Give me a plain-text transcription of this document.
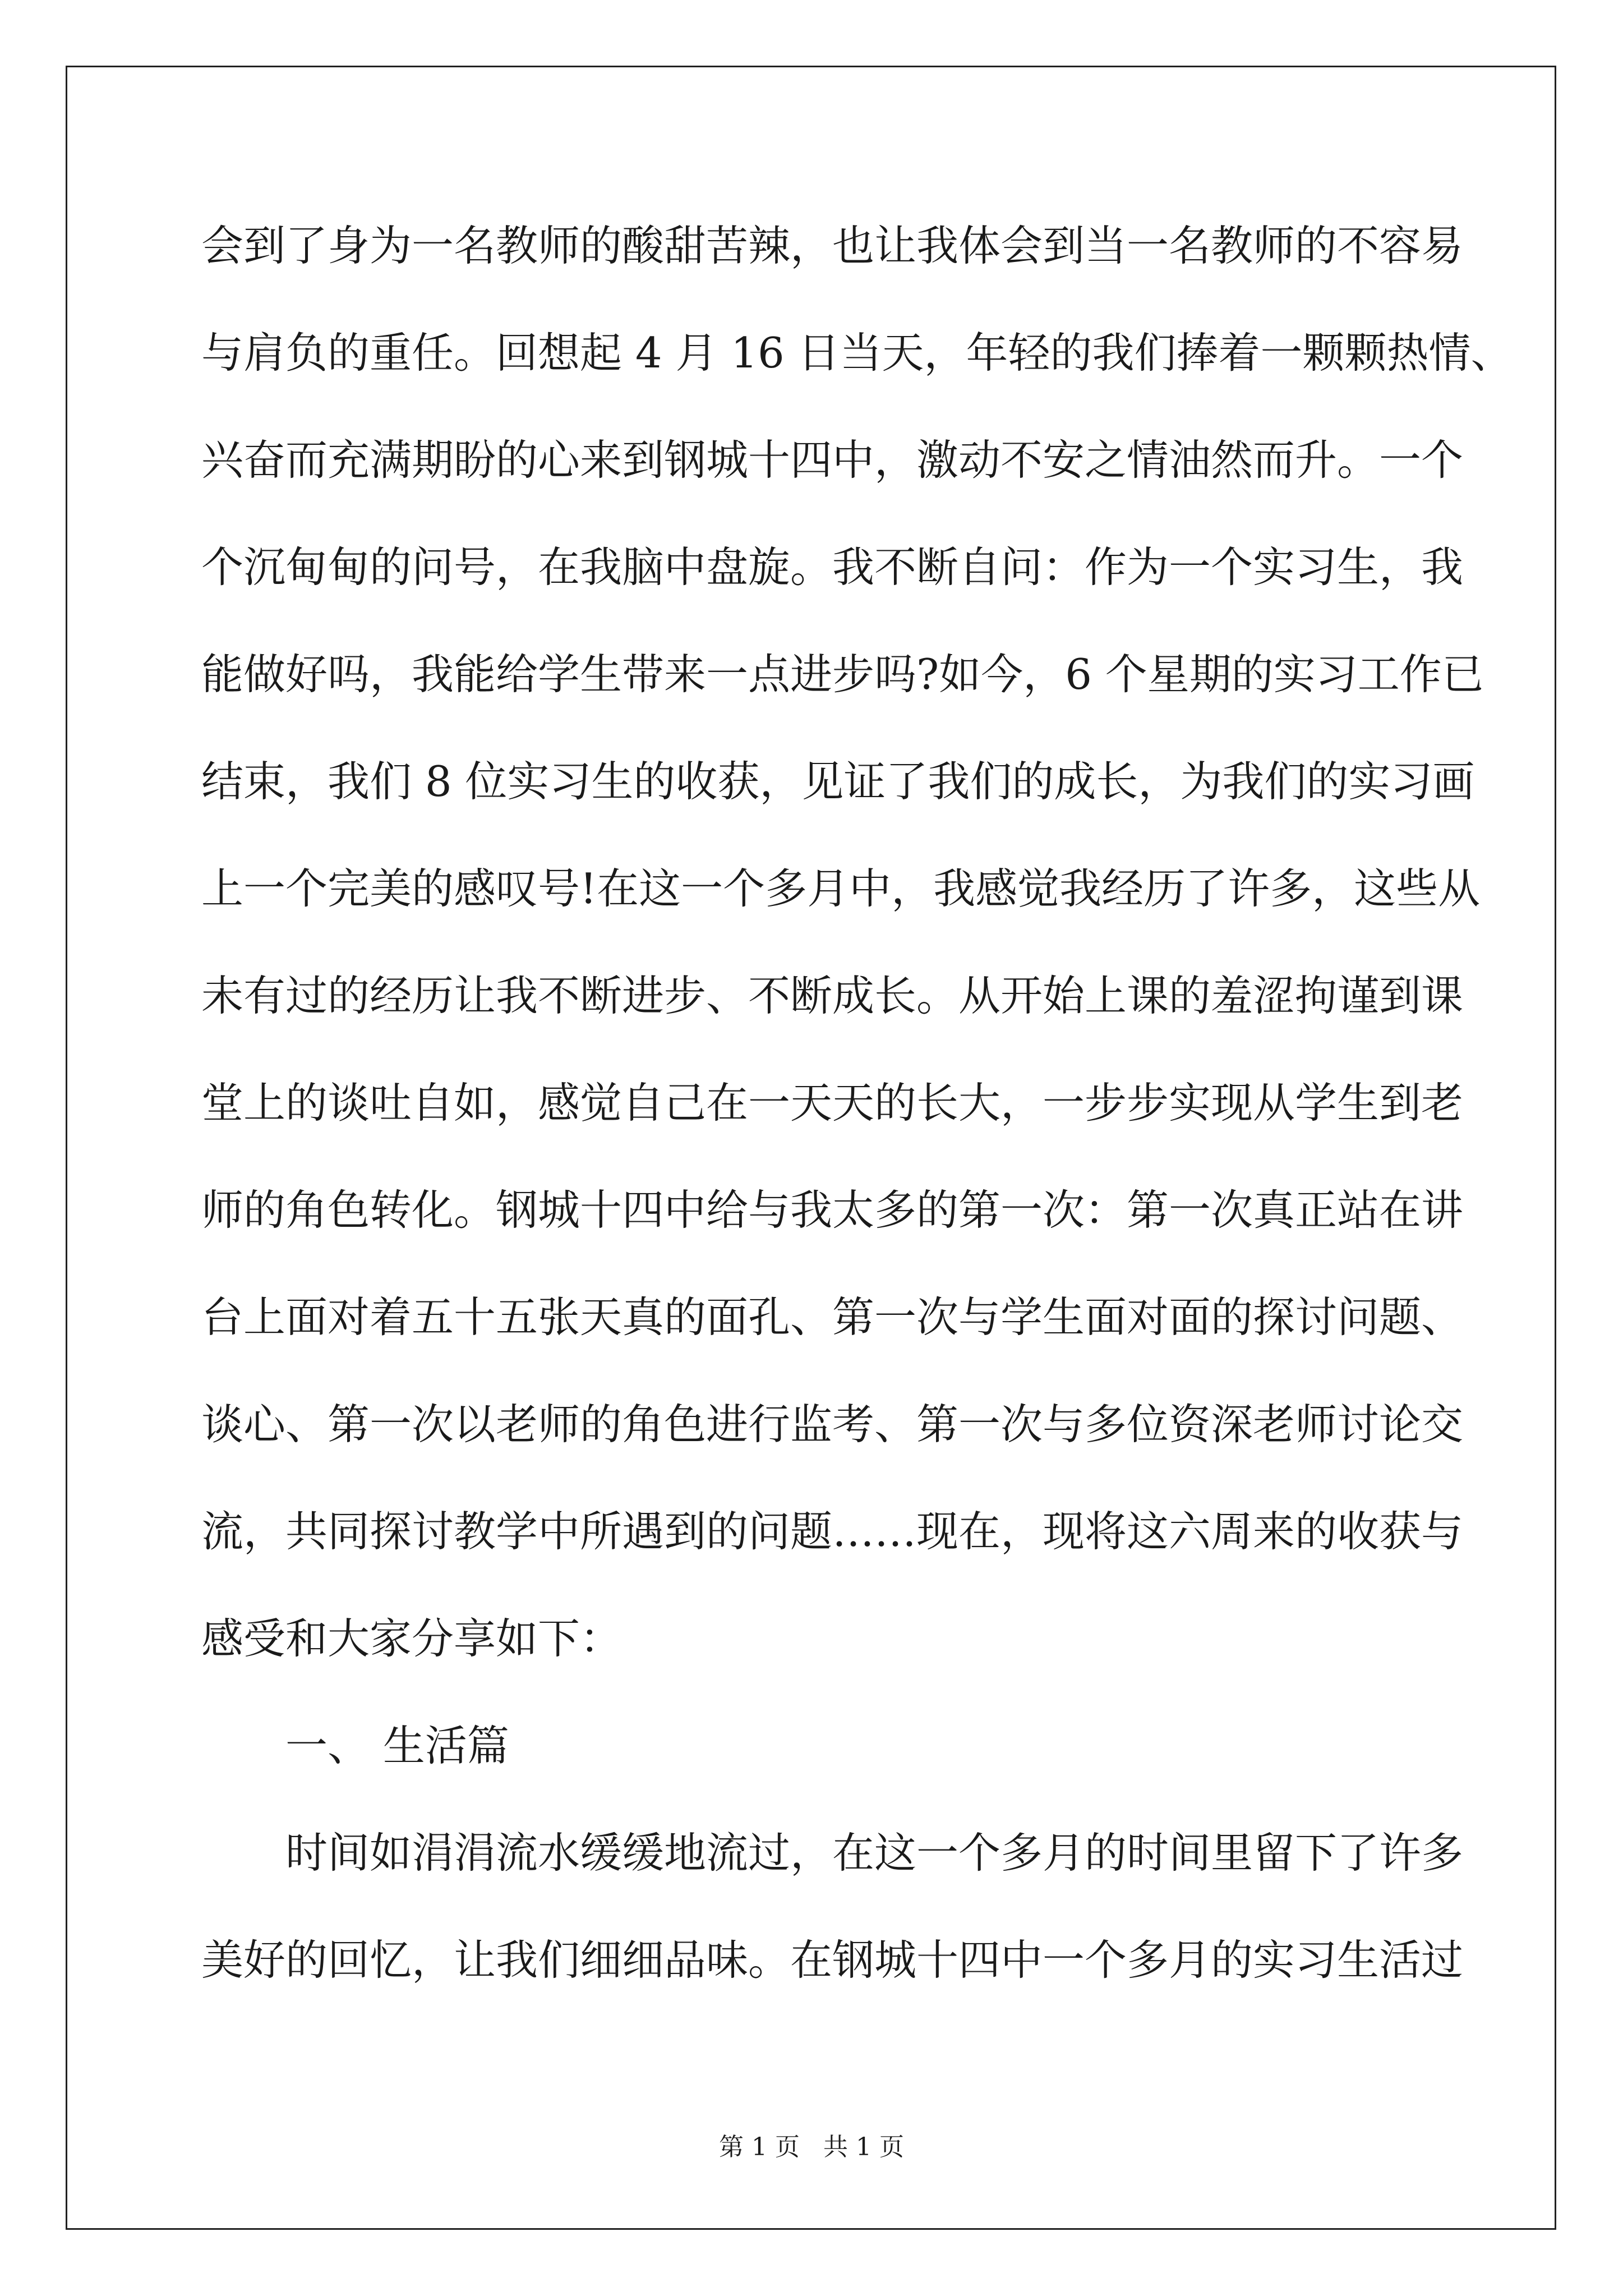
会到了身为一名教师的酸甜苦辣，也让我体会到当一名教师的不容易
与肩负的重任。回想起 4 月 16 日当天，年轻的我们捧着一颗颗热情、
兴奋而充满期盼的心来到钢城十四中，激动不安之情油然而升。一个
个沉甸甸的问号，在我脑中盘旋。我不断自问：作为一个实习生，我
能做好吗，我能给学生带来一点进步吗?如今，6 个星期的实习工作已
结束，我们 8 位实习生的收获，见证了我们的成长，为我们的实习画
上一个完美的感叹号!在这一个多月中，我感觉我经历了许多，这些从
未有过的经历让我不断进步、不断成长。从开始上课的羞涩拘谨到课
堂上的谈吐自如，感觉自己在一天天的长大，一步步实现从学生到老
师的角色转化。钢城十四中给与我太多的第一次：第一次真正站在讲
台上面对着五十五张天真的面孔、第一次与学生面对面的探讨问题、
谈心、第一次以老师的角色进行监考、第一次与多位资深老师讨论交
流，共同探讨教学中所遇到的问题……现在，现将这六周来的收获与
感受和大家分享如下：
一、 生活篇
时间如涓涓流水缓缓地流过，在这一个多月的时间里留下了许多
美好的回忆，让我们细细品味。在钢城十四中一个多月的实习生活过
第 1 页   共 1 页
